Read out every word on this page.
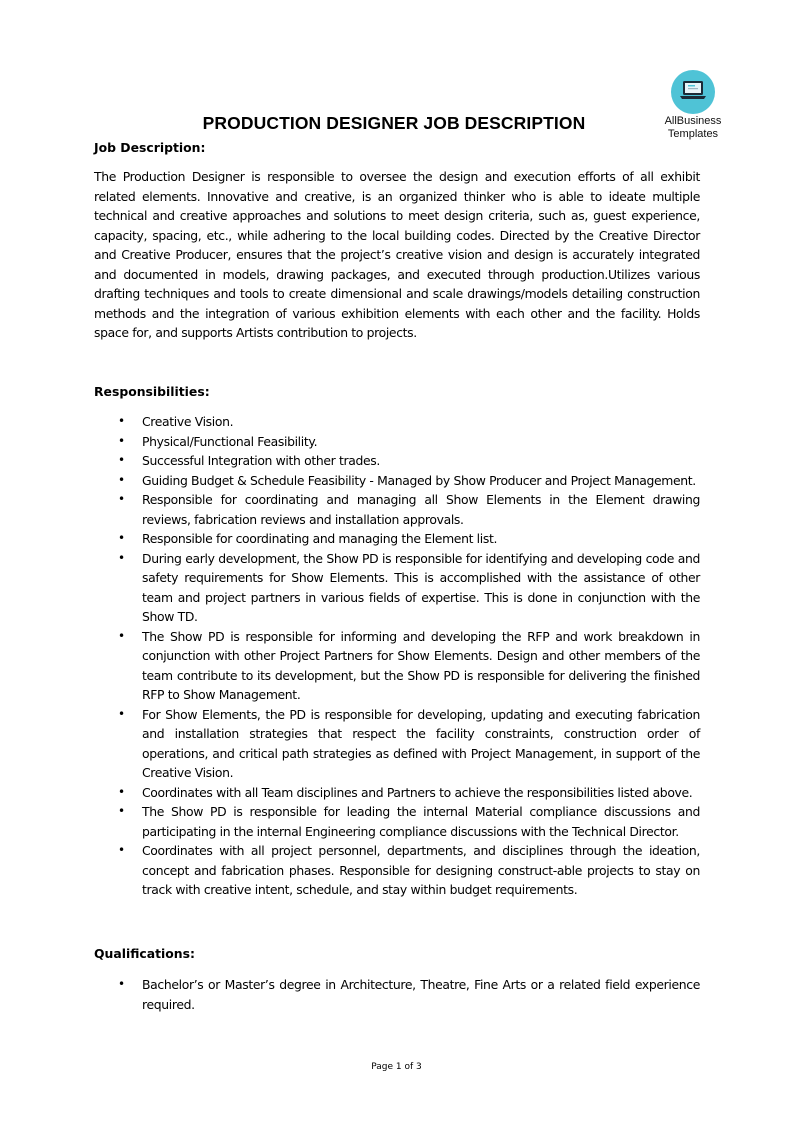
AllBusiness
Templates
PRODUCTION DESIGNER JOB DESCRIPTION
Job Description:
The Production Designer is responsible to oversee the design and execution efforts of all exhibit related elements. Innovative and creative, is an organized thinker who is able to ideate multiple technical and creative approaches and solutions to meet design criteria, such as, guest experience, capacity, spacing, etc., while adhering to the local building codes. Directed by the Creative Director and Creative Producer, ensures that the project’s creative vision and design is accurately integrated and documented in models, drawing packages, and executed through production.Utilizes various drafting techniques and tools to create dimensional and scale drawings/models detailing construction methods and the integration of various exhibition elements with each other and the facility. Holds space for, and supports Artists contribution to projects.
Responsibilities:
• Creative Vision.
• Physical/Functional Feasibility.
• Successful Integration with other trades.
• Guiding Budget & Schedule Feasibility - Managed by Show Producer and Project Management.
• Responsible for coordinating and managing all Show Elements in the Element drawing reviews, fabrication reviews and installation approvals.
• Responsible for coordinating and managing the Element list.
• During early development, the Show PD is responsible for identifying and developing code and safety requirements for Show Elements. This is accomplished with the assistance of other team and project partners in various fields of expertise. This is done in conjunction with the Show TD.
• The Show PD is responsible for informing and developing the RFP and work breakdown in conjunction with other Project Partners for Show Elements. Design and other members of the team contribute to its development, but the Show PD is responsible for delivering the finished RFP to Show Management.
• For Show Elements, the PD is responsible for developing, updating and executing fabrication and installation strategies that respect the facility constraints, construction order of operations, and critical path strategies as defined with Project Management, in support of the Creative Vision.
• Coordinates with all Team disciplines and Partners to achieve the responsibilities listed above.
• The Show PD is responsible for leading the internal Material compliance discussions and participating in the internal Engineering compliance discussions with the Technical Director.
• Coordinates with all project personnel, departments, and disciplines through the ideation, concept and fabrication phases. Responsible for designing construct-able projects to stay on track with creative intent, schedule, and stay within budget requirements.
Qualifications:
• Bachelor’s or Master’s degree in Architecture, Theatre, Fine Arts or a related field experience required.
Page 1 of 3
